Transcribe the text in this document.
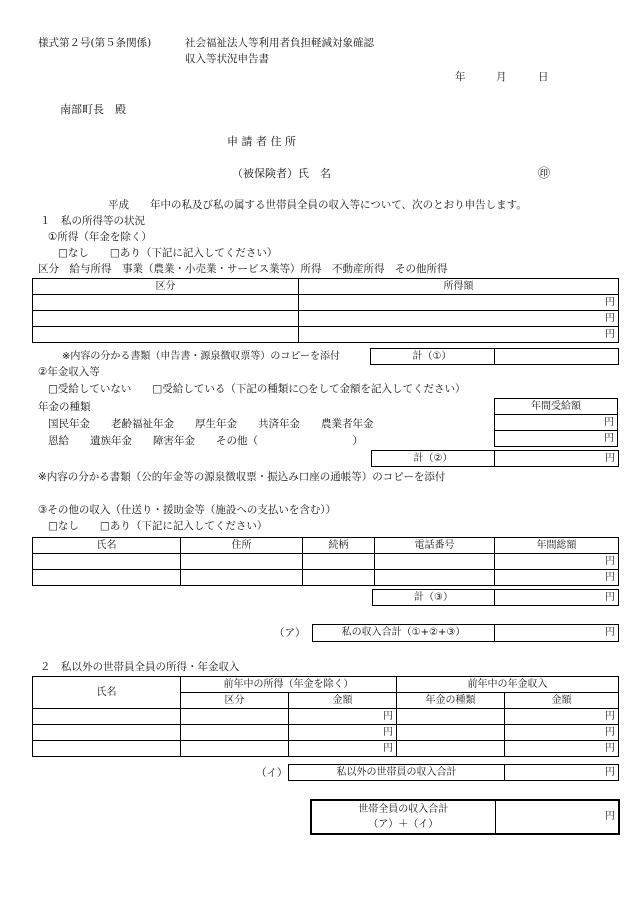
様式第２号(第５条関係)	社会福祉法人等利用者負担軽減対象確認
収入等状況申告書
年	月	日
南部町長　殿
申 請 者 住 所
（被保険者）氏　名	㊞
平成　　年中の私及び私の属する世帯員全員の収入等について、次のとおり申告します。
１　私の所得等の状況
①所得（年金を除く）
□なし　　□あり（下記に記入してください）
区分　給与所得　事業（農業・小売業・サービス業等）所得　不動産所得　その他所得
区分	所得額
	円
	円
	円
※内容の分かる書類（申告書・源泉徴収票等）のコピーを添付	計（①）	
②年金収入等
□受給していない　　□受給している（下記の種類に○をして金額を記入してください）
年金の種類
国民年金　　老齢福祉年金　　厚生年金　　共済年金　　農業者年金
恩給　　遺族年金　　障害年金　　その他（　　　　　　　　　）
年間受給額
円
円
計（②）	円
※内容の分かる書類（公的年金等の源泉徴収票・振込み口座の通帳等）のコピーを添付
③その他の収入（仕送り・援助金等（施設への支払いを含む））
□なし　　□あり（下記に記入してください）
氏名	住所	続柄	電話番号	年間総額
				円
				円
計（③）	円
（ア）	私の収入合計（①+②+③）	円
２　私以外の世帯員全員の所得・年金収入
氏名	前年中の所得（年金を除く）		前年中の年金収入	
	区分	金額	年金の種類	金額
		円		円
		円		円
		円		円
（イ）	私以外の世帯員の収入合計	円
世帯全員の収入合計
（ア）＋（イ）
	円
